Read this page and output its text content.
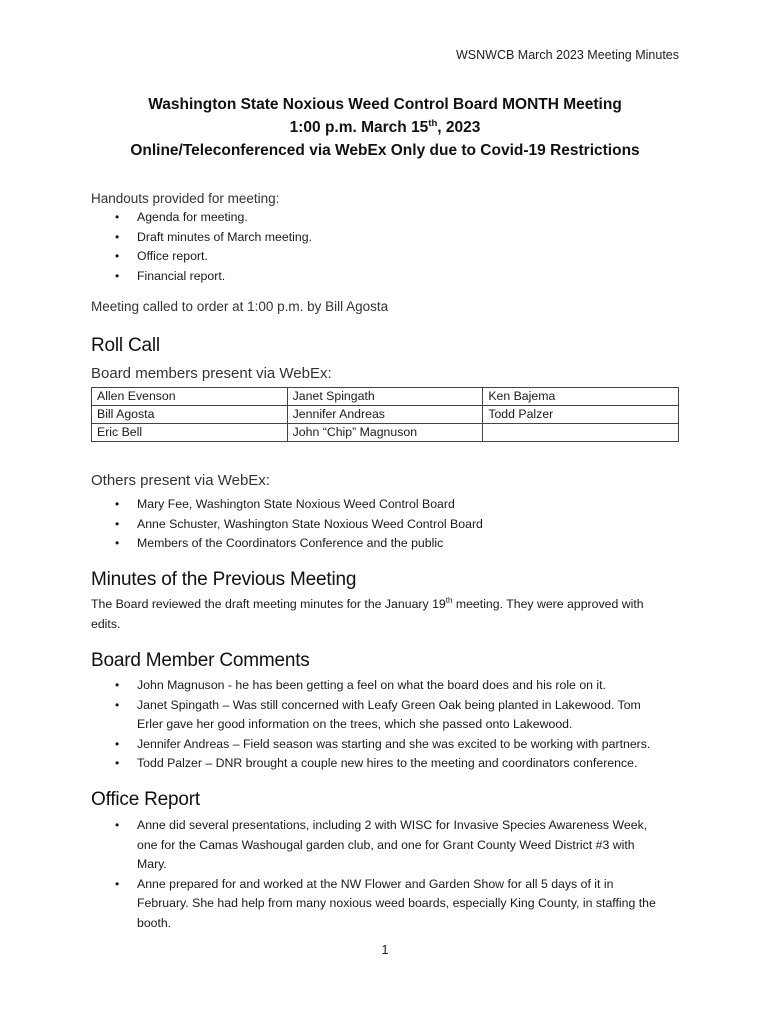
WSNWCB March 2023 Meeting Minutes
Washington State Noxious Weed Control Board MONTH Meeting
1:00 p.m. March 15th, 2023
Online/Teleconferenced via WebEx Only due to Covid-19 Restrictions
Handouts provided for meeting:
• Agenda for meeting.
• Draft minutes of March meeting.
• Office report.
• Financial report.
Meeting called to order at 1:00 p.m. by Bill Agosta
Roll Call
Board members present via WebEx:
Allen Evenson	Janet Spingath	Ken Bajema
Bill Agosta	Jennifer Andreas	Todd Palzer
Eric Bell	John “Chip” Magnuson	
Others present via WebEx:
• Mary Fee, Washington State Noxious Weed Control Board
• Anne Schuster, Washington State Noxious Weed Control Board
• Members of the Coordinators Conference and the public
Minutes of the Previous Meeting
The Board reviewed the draft meeting minutes for the January 19th meeting. They were approved with
edits.
Board Member Comments
• John Magnuson - he has been getting a feel on what the board does and his role on it.
• Janet Spingath – Was still concerned with Leafy Green Oak being planted in Lakewood. Tom
Erler gave her good information on the trees, which she passed onto Lakewood.
• Jennifer Andreas – Field season was starting and she was excited to be working with partners.
• Todd Palzer – DNR brought a couple new hires to the meeting and coordinators conference.
Office Report
• Anne did several presentations, including 2 with WISC for Invasive Species Awareness Week,
one for the Camas Washougal garden club, and one for Grant County Weed District #3 with
Mary.
• Anne prepared for and worked at the NW Flower and Garden Show for all 5 days of it in
February. She had help from many noxious weed boards, especially King County, in staffing the
booth.
1
